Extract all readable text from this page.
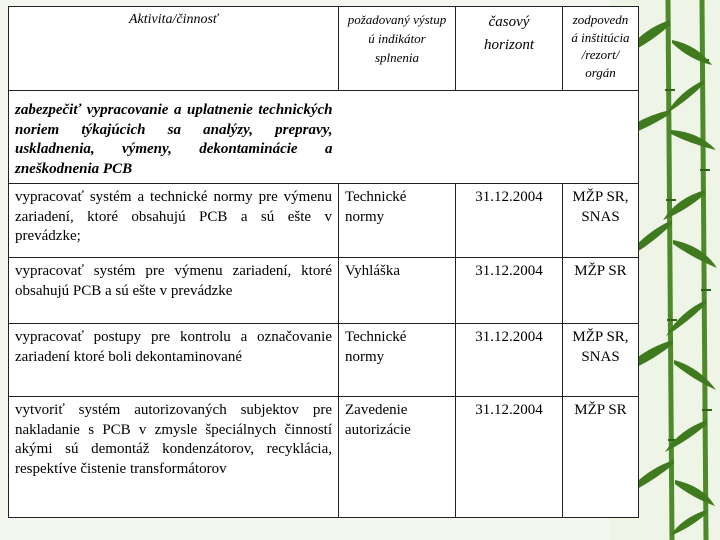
Aktivita/činnosť	požadovaný výstup ú indikátor splnenia	časový horizont	zodpovedn á inštitúcia /rezort/ orgán
zabezpečiť vypracovanie a uplatnenie technických noriem týkajúcich sa analýzy, prepravy, uskladnenia, výmeny, dekontaminácie a zneškodnenia PCB			
vypracovať systém a technické normy pre výmenu zariadení, ktoré obsahujú PCB a sú ešte v prevádzke;	Technické normy	31.12.2004	MŽP SR, SNAS
vypracovať systém pre výmenu zariadení, ktoré obsahujú PCB a sú ešte v prevádzke	Vyhláška	31.12.2004	MŽP SR
vypracovať postupy pre kontrolu a označovanie zariadení ktoré boli dekontaminované	Technické normy	31.12.2004	MŽP SR, SNAS
vytvoriť systém autorizovaných subjektov pre nakladanie s PCB v zmysle špeciálnych činností akými sú demontáž kondenzátorov, recyklácia, respektíve čistenie transformátorov	Zavedenie autorizácie	31.12.2004	MŽP SR
